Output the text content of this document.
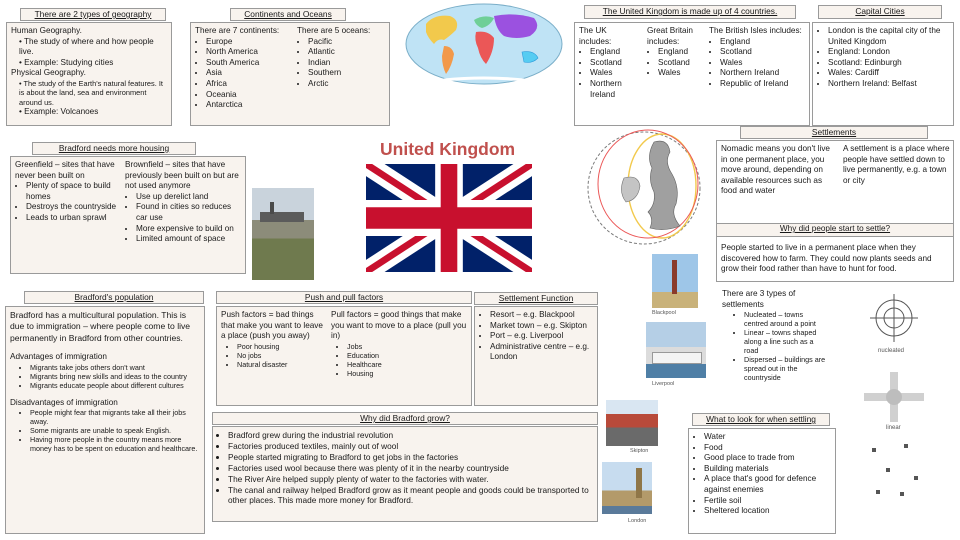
There are 2 types of geography
Human Geography.
• The study of where and how people live.
• Example: Studying cities
Physical Geography.
• The study of the Earth's natural features. It is about the land, sea and environment around us.
• Example: Volcanoes
Continents and Oceans
There are 7 continents:
• Europe
• North America
• South America
• Asia
• Africa
• Oceania
• Antarctica
There are 5 oceans:
• Pacific
• Atlantic
• Indian
• Southern
• Arctic
The United Kingdom is made up of 4 countries.
The UK includes:
• England
• Scotland
• Wales
• Northern Ireland
Great Britain includes:
• England
• Scotland
• Wales
The British Isles includes:
• England
• Scotland
• Wales
• Northern Ireland
• Republic of Ireland
Capital Cities
• London is the capital city of the United Kingdom
• England: London
• Scotland: Edinburgh
• Wales: Cardiff
• Northern Ireland: Belfast
Bradford needs more housing
Greenfield – sites that have never been built on
• Plenty of space to build homes
• Destroys the countryside
• Leads to urban sprawl
Brownfield – sites that have previously been built on but are not used anymore
• Use up derelict land
• Found in cities so reduces car use
• More expensive to build on
• Limited amount of space
United Kingdom
Settlements
Nomadic means you don't live in one permanent place, you move around, depending on available resources such as food and water
A settlement is a place where people have settled down to live permanently, e.g. a town or city
Why did people start to settle?
People started to live in a permanent place when they discovered how to farm. They could now plants seeds and grow their food rather than have to hunt for food.
Bradford's population
Bradford has a multicultural population. This is due to immigration – where people come to live permanently in Bradford from other countries.
Advantages of immigration
• Migrants take jobs others don't want
• Migrants bring new skills and ideas to the country
• Migrants educate people about different cultures
Disadvantages of immigration
• People might fear that migrants take all their jobs away.
• Some migrants are unable to speak English.
• Having more people in the country means more money has to be spent on education and healthcare.
Push and pull factors
Push factors = bad things that make you want to leave a place (push you away)
• Poor housing
• No jobs
• Natural disaster
Pull factors = good things that make you want to move to a place (pull you in)
• Jobs
• Education
• Healthcare
• Housing
Settlement Function
• Resort – e.g. Blackpool
• Market town – e.g. Skipton
• Port – e.g. Liverpool
• Administrative centre – e.g. London
Blackpool
Liverpool
Skipton
London
There are 3 types of settlements
• Nucleated – towns centred around a point
• Linear – towns shaped along a line such as a road
• Dispersed – buildings are spread out in the countryside
nucleated
linear
Why did Bradford grow?
• Bradford grew during the industrial revolution
• Factories produced textiles, mainly out of wool
• People started migrating to Bradford to get jobs in the factories
• Factories used wool because there was plenty of it in the nearby countryside
• The River Aire helped supply plenty of water to the factories with water.
• The canal and railway helped Bradford grow as it meant people and goods could be transported to other places. This made more money for Bradford.
What to look for when settling
• Water
• Food
• Good place to trade from
• Building materials
• A place that's good for defence against enemies
• Fertile soil
• Sheltered location
